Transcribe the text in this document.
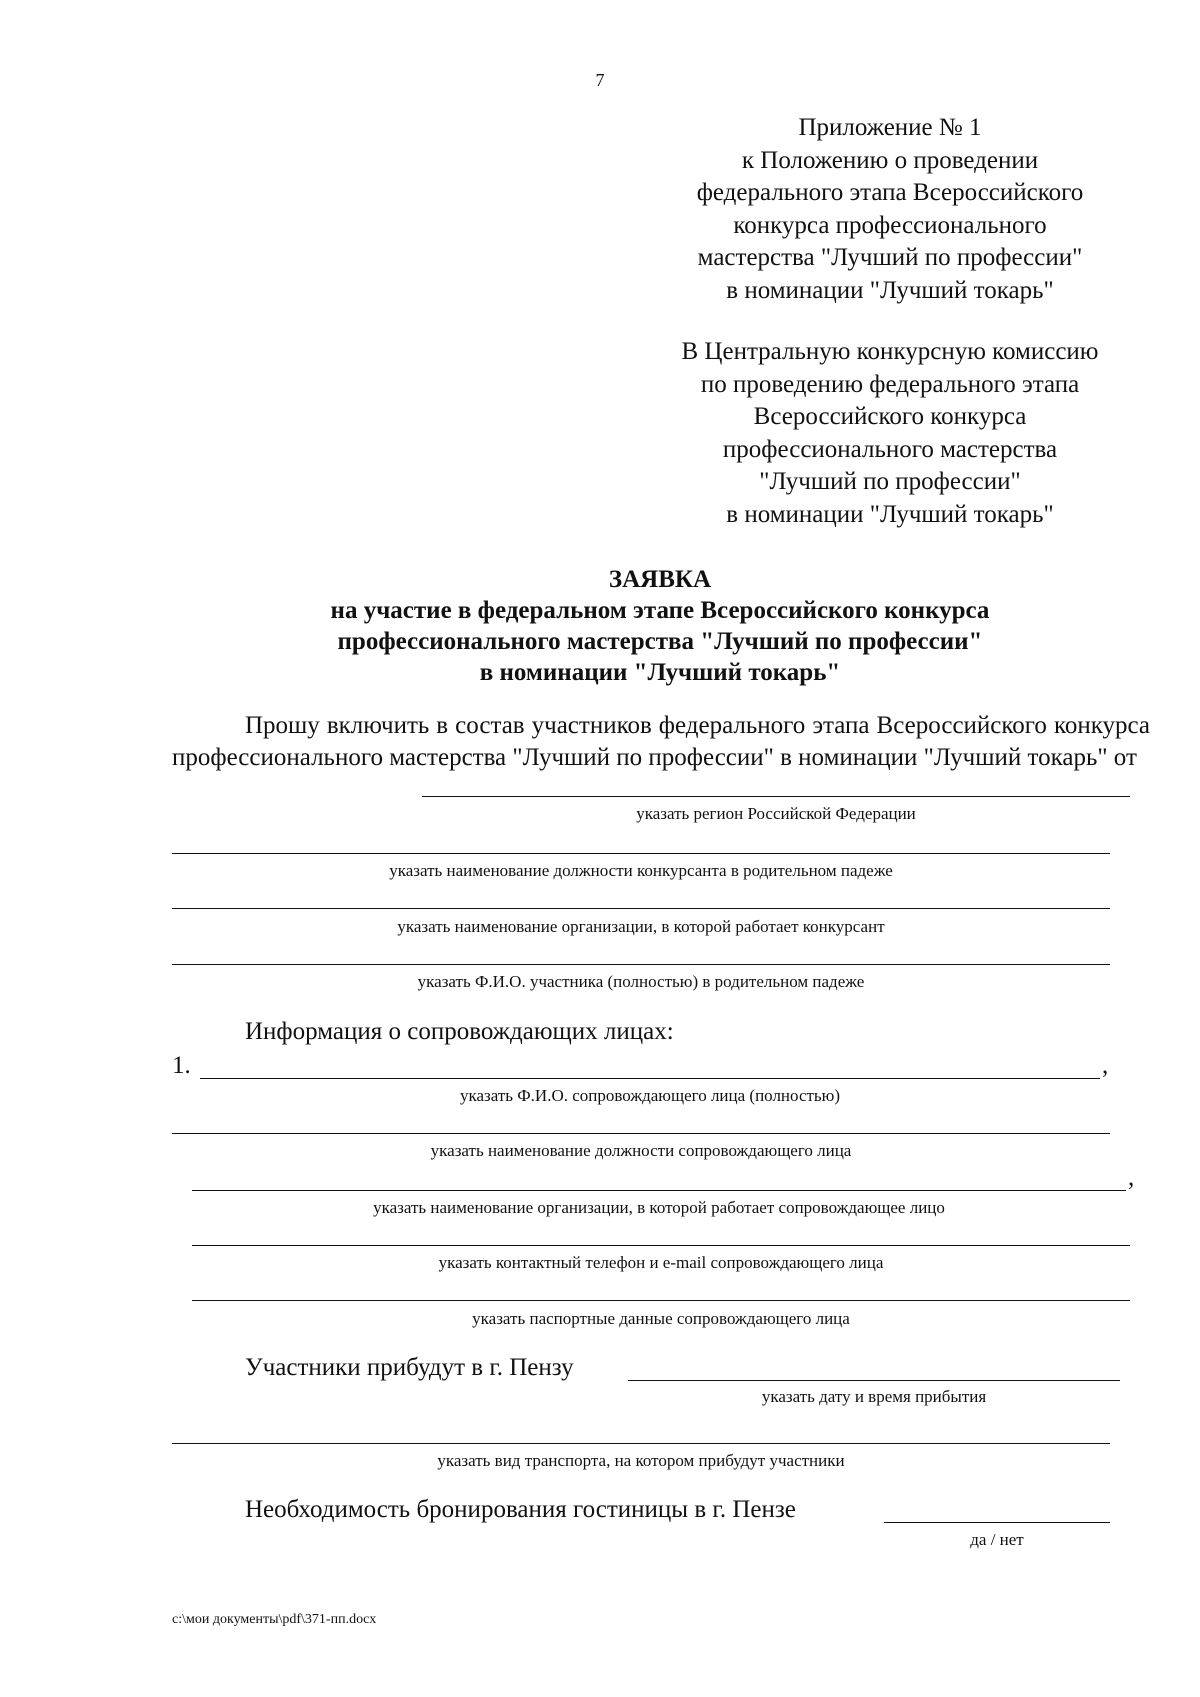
7
Приложение № 1
к Положению о проведении
федерального этапа Всероссийского
конкурса профессионального
мастерства "Лучший по профессии"
в номинации "Лучший токарь"
В Центральную конкурсную комиссию
по проведению федерального этапа
Всероссийского конкурса
профессионального мастерства
"Лучший по профессии"
в номинации "Лучший токарь"
ЗАЯВКА
на участие в федеральном этапе Всероссийского конкурса
профессионального мастерства "Лучший по профессии"
в номинации "Лучший токарь"
Прошу включить в состав участников федерального этапа Всероссийского конкурса профессионального мастерства "Лучший по профессии" в номинации "Лучший токарь" от
указать регион Российской Федерации
указать наименование должности конкурсанта в родительном падеже
указать наименование организации, в которой работает конкурсант
указать Ф.И.О. участника (полностью) в родительном падеже
Информация о сопровождающих лицах:
1.	,
указать Ф.И.О. сопровождающего лица (полностью)
указать наименование должности сопровождающего лица
,
указать наименование организации, в которой работает сопровождающее лицо
указать контактный телефон и e-mail сопровождающего лица
указать паспортные данные сопровождающего лица
Участники прибудут в г. Пензу
указать дату и время прибытия
указать вид транспорта, на котором прибудут участники
Необходимость бронирования гостиницы в г. Пензе
да / нет
c:\мои документы\pdf\371-пп.docx
